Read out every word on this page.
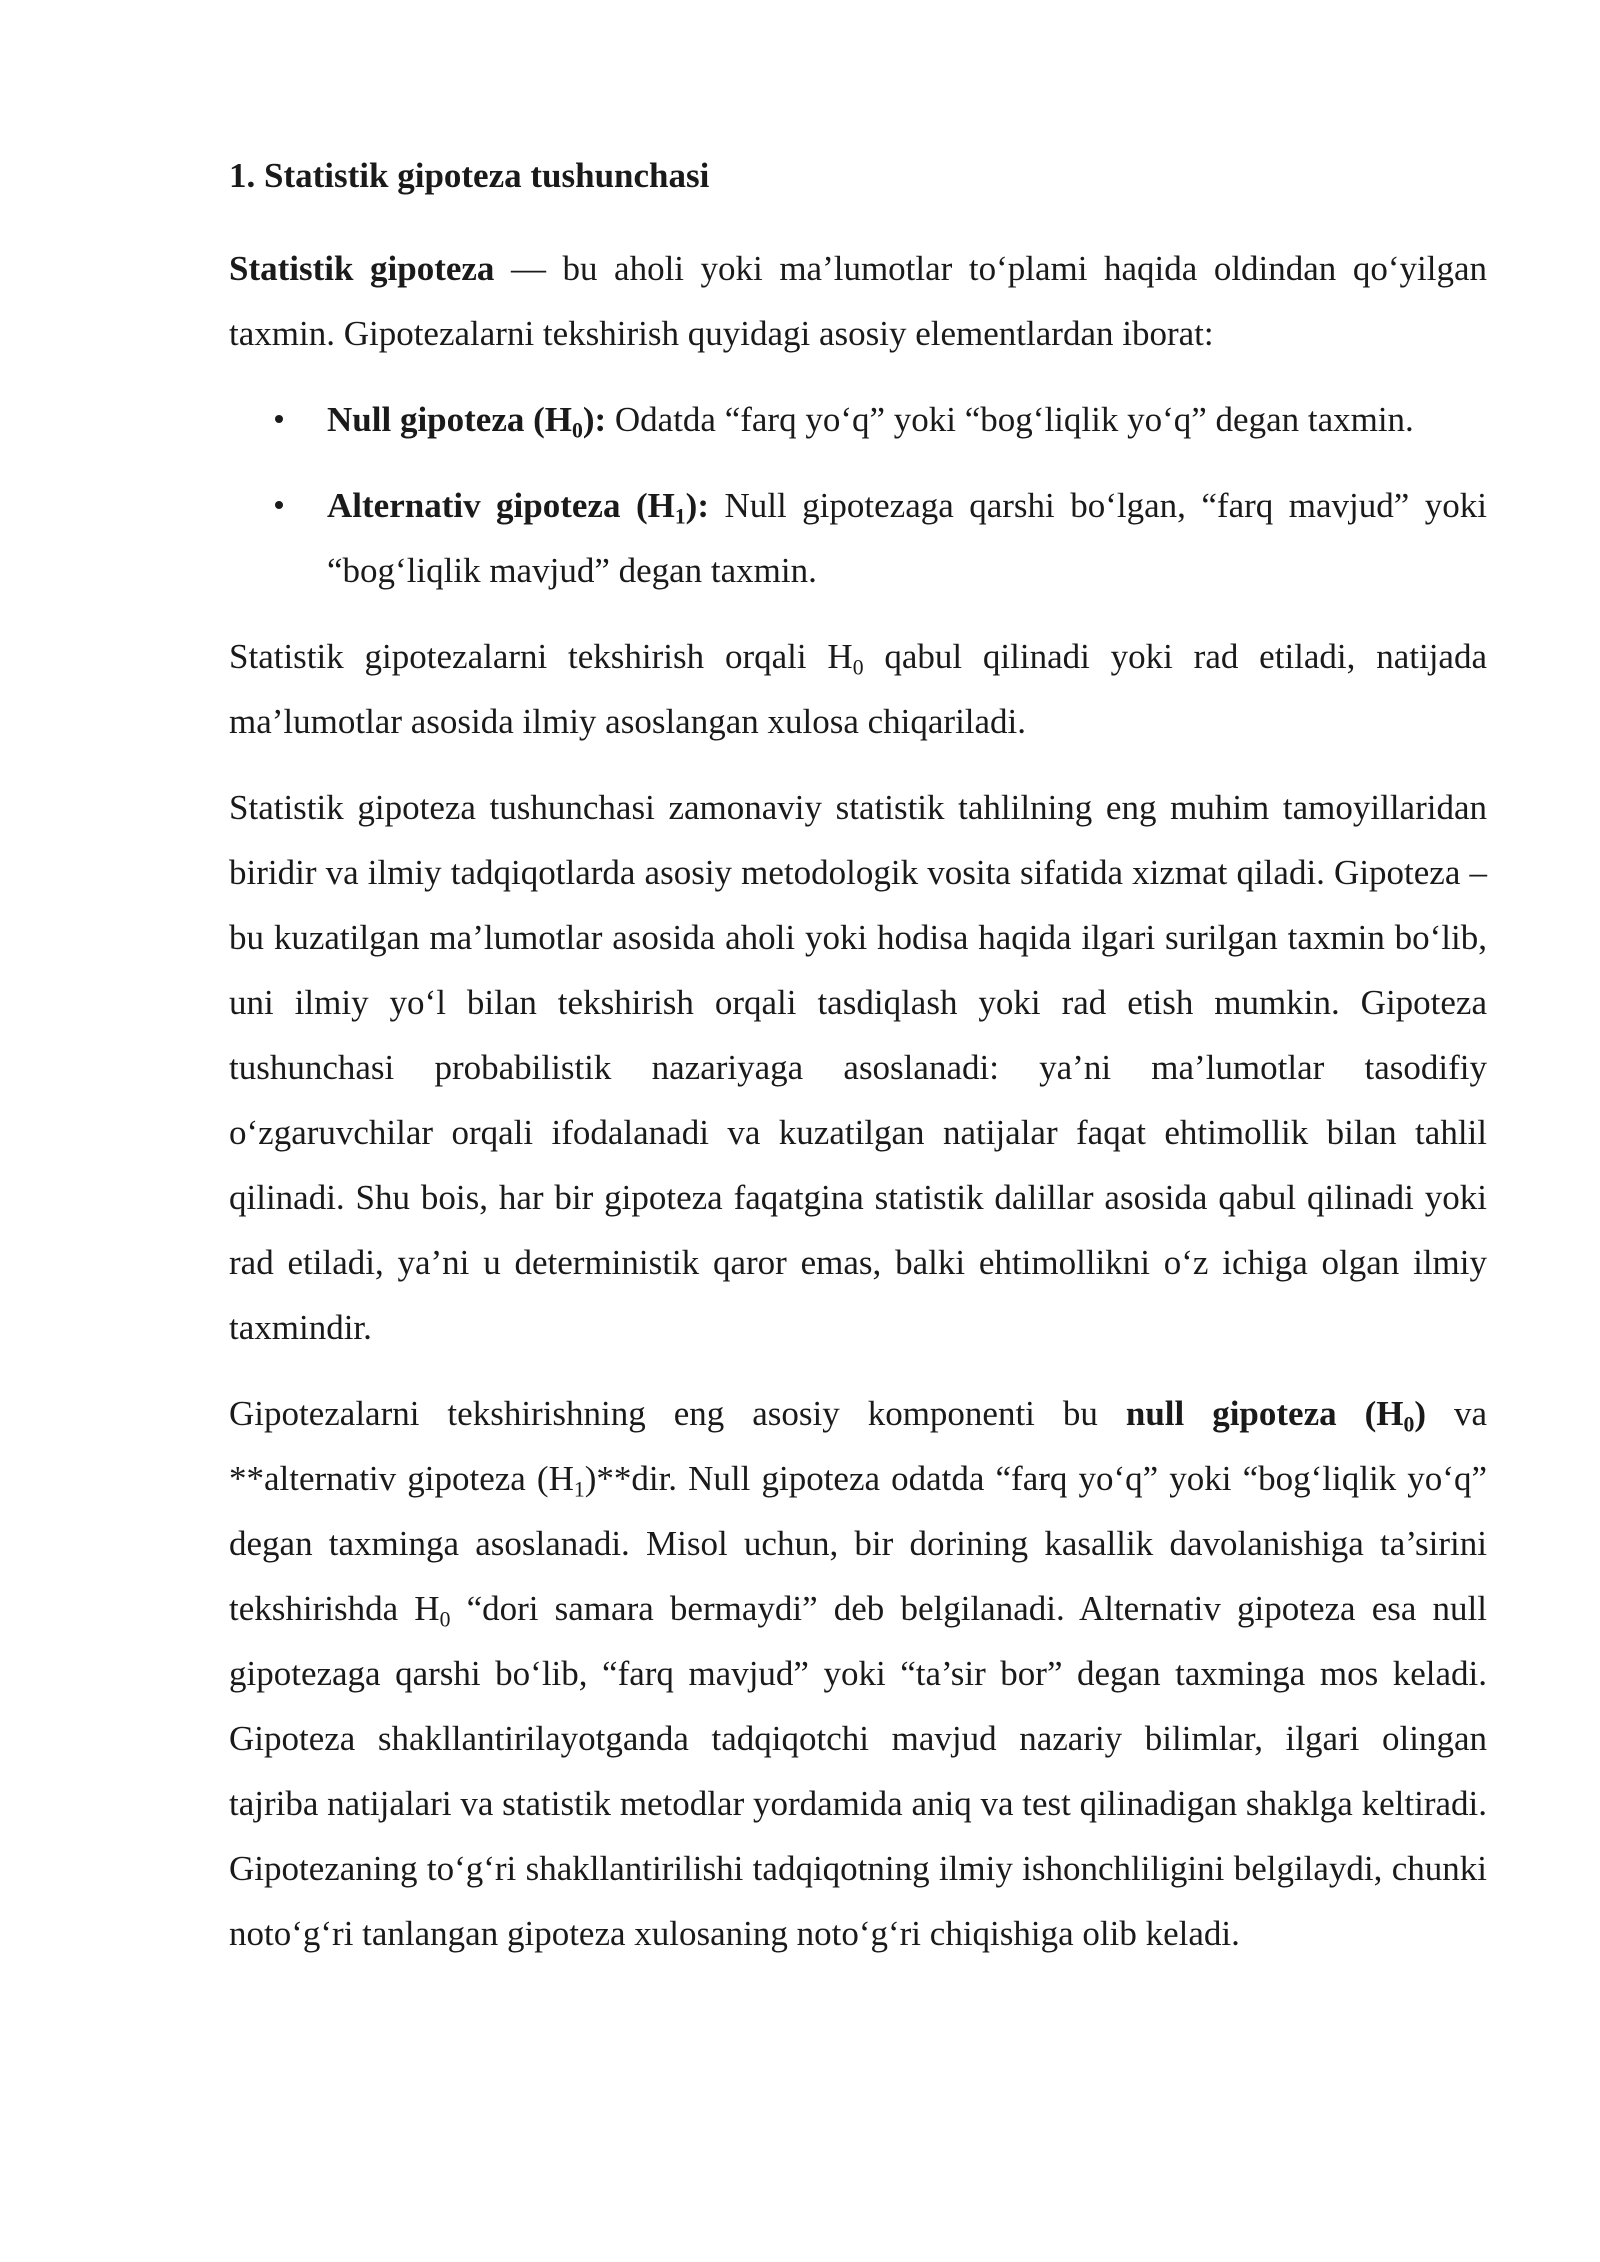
1. Statistik gipoteza tushunchasi

Statistik gipoteza — bu aholi yoki ma’lumotlar to‘plami haqida oldindan qo‘yilgan taxmin. Gipotezalarni tekshirish quyidagi asosiy elementlardan iborat:

Null gipoteza $(H_0)$: Odatda “farq yo‘q” yoki “bog‘liqlik yo‘q” degan taxmin.
Alternativ gipoteza $(H_1)$: Null gipotezaga qarshi bo‘lgan, “farq mavjud” yoki “bog‘liqlik mavjud” degan taxmin.

Statistik gipotezalarni tekshirish orqali $H_0$ qabul qilinadi yoki rad etiladi, natijada ma’lumotlar asosida ilmiy asoslangan xulosa chiqariladi.

Statistik gipoteza tushunchasi zamonaviy statistik tahlilning eng muhim tamoyillaridan biridir va ilmiy tadqiqotlarda asosiy metodologik vosita sifatida xizmat qiladi. Gipoteza – bu kuzatilgan ma’lumotlar asosida aholi yoki hodisa haqida ilgari surilgan taxmin bo‘lib, uni ilmiy yo‘l bilan tekshirish orqali tasdiqlash yoki rad etish mumkin. Gipoteza tushunchasi probabilistik nazariyaga asoslanadi: ya’ni ma’lumotlar tasodifiy o‘zgaruvchilar orqali ifodalanadi va kuzatilgan natijalar faqat ehtimollik bilan tahlil qilinadi. Shu bois, har bir gipoteza faqatgina statistik dalillar asosida qabul qilinadi yoki rad etiladi, ya’ni u deterministik qaror emas, balki ehtimollikni o‘z ichiga olgan ilmiy taxmindir.

Gipotezalarni tekshirishning eng asosiy komponenti bu null gipoteza $(H_0)$ va **alternativ gipoteza $(H_1)**dir$. Null gipoteza odatda “farq yo‘q” yoki “bog‘liqlik yo‘q” degan taxminga asoslanadi. Misol uchun, bir dorining kasallik davolanishiga ta’sirini tekshirishda $H_0$ “dori samara bermaydi” deb belgilanadi. Alternativ gipoteza esa null gipotezaga qarshi bo‘lib, “farq mavjud” yoki “ta’sir bor” degan taxminga mos keladi. Gipoteza shakllantirilayotganda tadqiqotchi mavjud nazariy bilimlar, ilgari olingan tajriba natijalari va statistik metodlar yordamida aniq va test qilinadigan shaklga keltiradi. Gipotezaning to‘g‘ri shakllantirilishi tadqiqotning ilmiy ishonchliligini belgilaydi, chunki noto‘g‘ri tanlangan gipoteza xulosaning noto‘g‘ri chiqishiga olib keladi.
